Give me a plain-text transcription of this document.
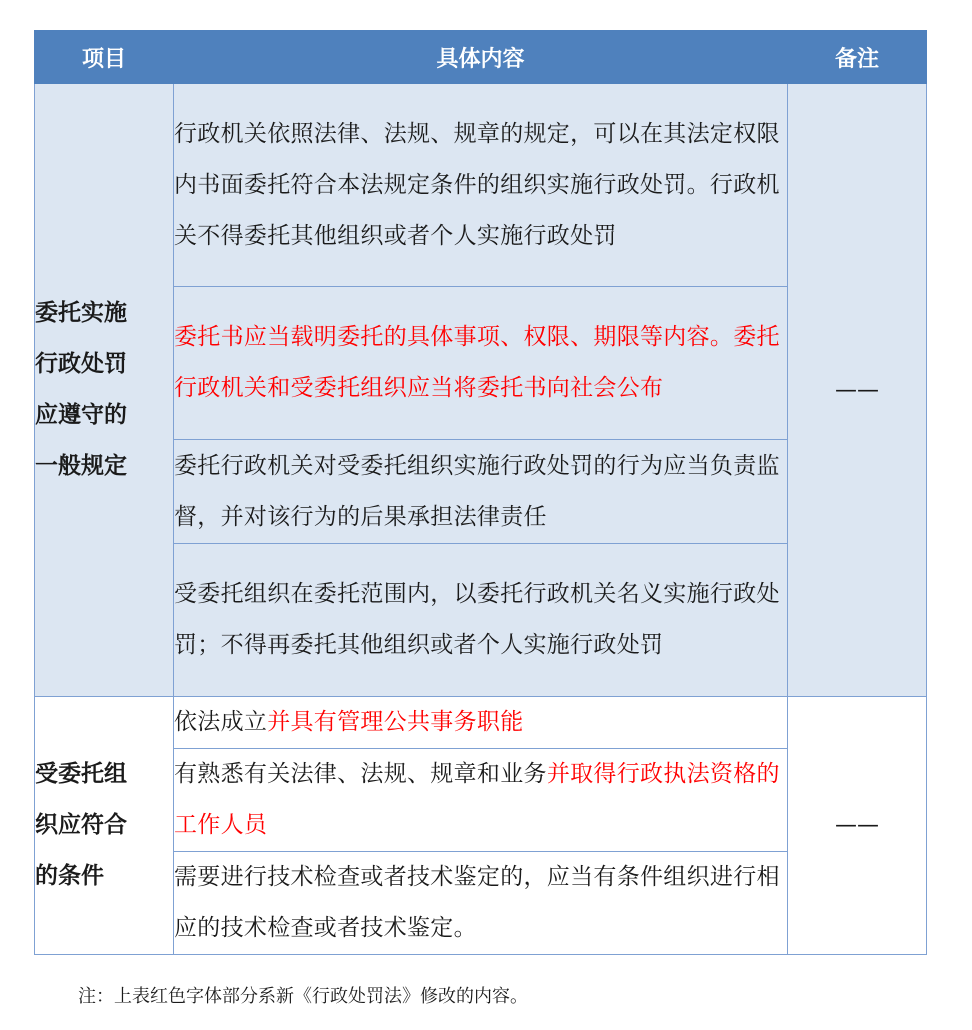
项目	具体内容	备注

委托实施行政处罚应遵守的一般规定	行政机关依照法律、法规、规章的规定，可以在其法定权限内书面委托符合本法规定条件的组织实施行政处罚。行政机关不得委托其他组织或者个人实施行政处罚	——
	委托书应当载明委托的具体事项、权限、期限等内容。委托行政机关和受委托组织应当将委托书向社会公布	
	委托行政机关对受委托组织实施行政处罚的行为应当负责监督，并对该行为的后果承担法律责任	
	受委托组织在委托范围内，以委托行政机关名义实施行政处罚；不得再委托其他组织或者个人实施行政处罚	

受委托组织应符合的条件	依法成立并具有管理公共事务职能	——
	有熟悉有关法律、法规、规章和业务并取得行政执法资格的工作人员	
	需要进行技术检查或者技术鉴定的，应当有条件组织进行相应的技术检查或者技术鉴定。	
注：上表红色字体部分系新《行政处罚法》修改的内容。
